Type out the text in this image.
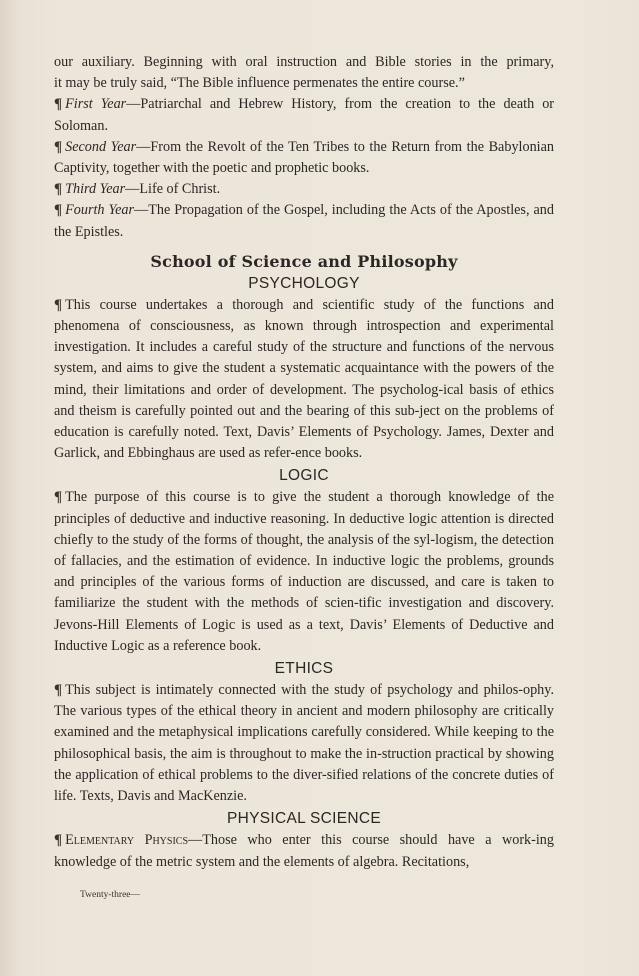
our auxiliary. Beginning with oral instruction and Bible stories in the primary,

it may be truly said, “The Bible influence permenates the entire course.”

¶ First Year—Patriarchal and Hebrew History, from the creation to the death or Soloman.

¶ Second Year—From the Revolt of the Ten Tribes to the Return from the Babylonian Captivity, together with the poetic and prophetic books.

¶ Third Year—Life of Christ.

¶ Fourth Year—The Propagation of the Gospel, including the Acts of the Apostles, and the Epistles.

School of Science and Philosophy
PSYCHOLOGY

¶ This course undertakes a thorough and scientific study of the functions and phenomena of consciousness, as known through introspection and experimental investigation. It includes a careful study of the structure and functions of the nervous system, and aims to give the student a systematic acquaintance with the powers of the mind, their limitations and order of development. The psycholog-ical basis of ethics and theism is carefully pointed out and the bearing of this sub-ject on the problems of education is carefully noted. Text, Davis’ Elements of Psychology. James, Dexter and Garlick, and Ebbinghaus are used as refer-ence books.

LOGIC

¶ The purpose of this course is to give the student a thorough knowledge of the principles of deductive and inductive reasoning. In deductive logic attention is directed chiefly to the study of the forms of thought, the analysis of the syl-logism, the detection of fallacies, and the estimation of evidence. In inductive logic the problems, grounds and principles of the various forms of induction are discussed, and care is taken to familiarize the student with the methods of scien-tific investigation and discovery. Jevons-Hill Elements of Logic is used as a text, Davis’ Elements of Deductive and Inductive Logic as a reference book.

ETHICS

¶ This subject is intimately connected with the study of psychology and philos-ophy. The various types of the ethical theory in ancient and modern philosophy are critically examined and the metaphysical implications carefully considered. While keeping to the philosophical basis, the aim is throughout to make the in-struction practical by showing the application of ethical problems to the diver-sified relations of the concrete duties of life. Texts, Davis and MacKenzie.

PHYSICAL SCIENCE

¶ Elementary Physics—Those who enter this course should have a work-ing knowledge of the metric system and the elements of algebra. Recitations,

Twenty-three—
